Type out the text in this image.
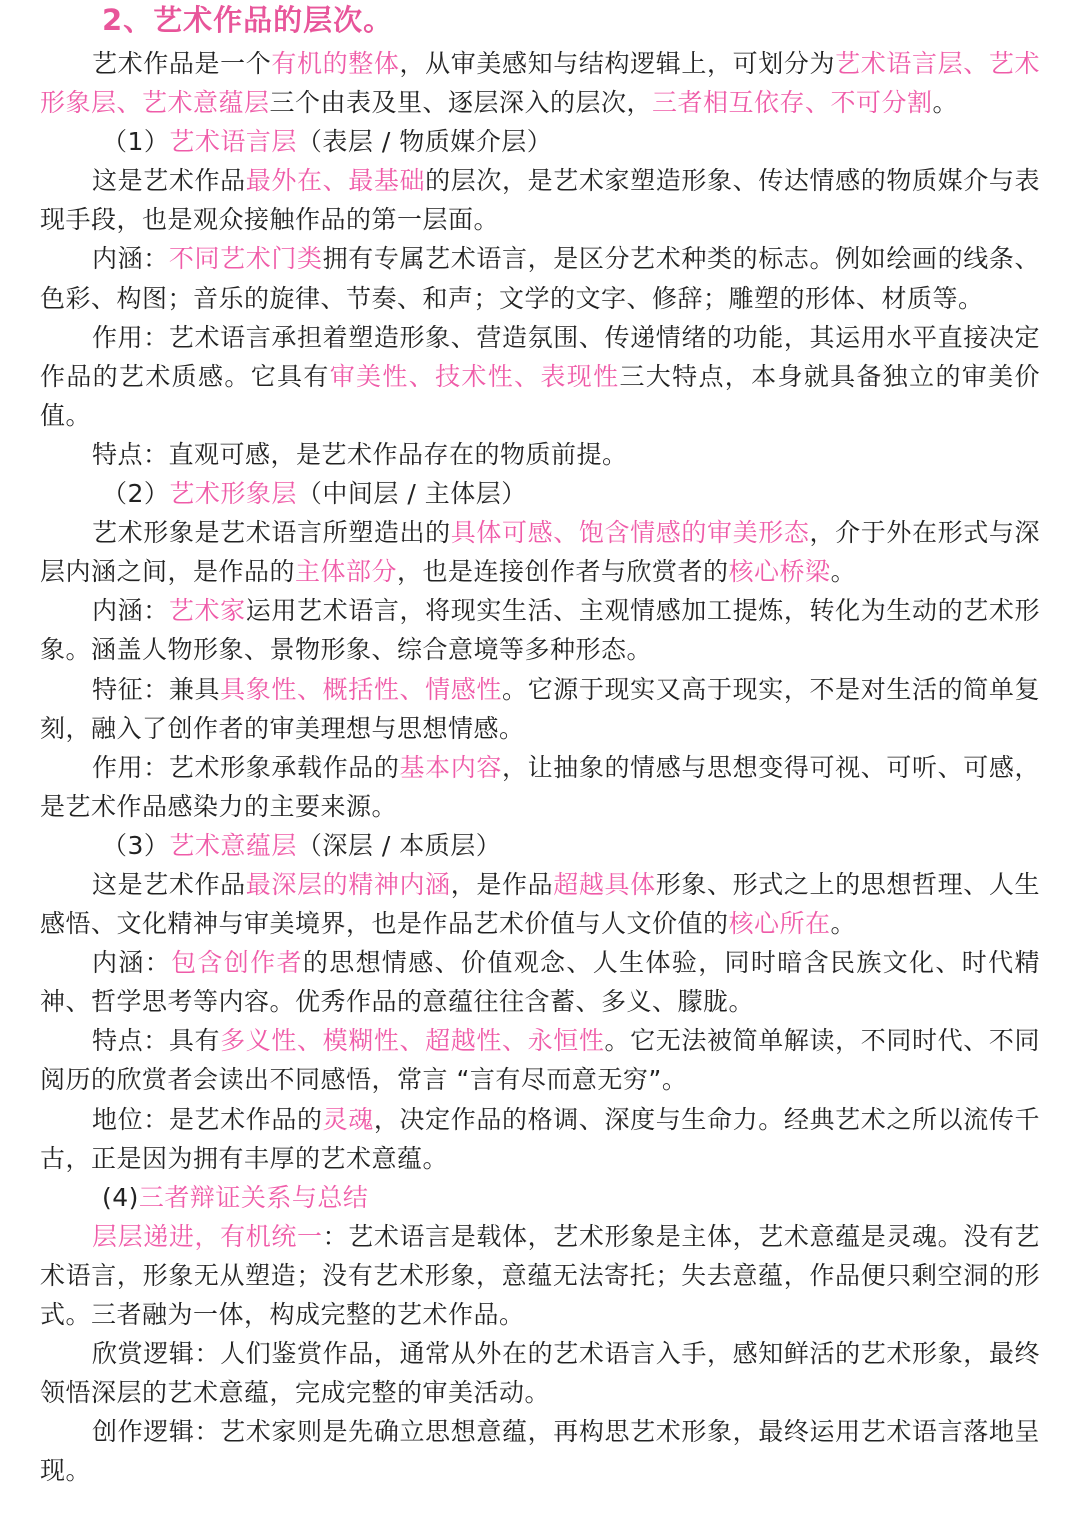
2、艺术作品的层次。

艺术作品是一个有机的整体，从审美感知与结构逻辑上，可划分为艺术语言层、艺术形象层、艺术意蕴层三个由表及里、逐层深入的层次，三者相互依存、不可分割。

（1）艺术语言层（表层 / 物质媒介层）

这是艺术作品最外在、最基础的层次，是艺术家塑造形象、传达情感的物质媒介与表现手段，也是观众接触作品的第一层面。

内涵：不同艺术门类拥有专属艺术语言，是区分艺术种类的标志。例如绘画的线条、色彩、构图；音乐的旋律、节奏、和声；文学的文字、修辞；雕塑的形体、材质等。

作用：艺术语言承担着塑造形象、营造氛围、传递情绪的功能，其运用水平直接决定作品的艺术质感。它具有审美性、技术性、表现性三大特点，本身就具备独立的审美价值。

特点：直观可感，是艺术作品存在的物质前提。

（2）艺术形象层（中间层 / 主体层）

艺术形象是艺术语言所塑造出的具体可感、饱含情感的审美形态，介于外在形式与深层内涵之间，是作品的主体部分，也是连接创作者与欣赏者的核心桥梁。

内涵：艺术家运用艺术语言，将现实生活、主观情感加工提炼，转化为生动的艺术形象。涵盖人物形象、景物形象、综合意境等多种形态。

特征：兼具具象性、概括性、情感性。它源于现实又高于现实，不是对生活的简单复刻，融入了创作者的审美理想与思想情感。

作用：艺术形象承载作品的基本内容，让抽象的情感与思想变得可视、可听、可感，是艺术作品感染力的主要来源。

（3）艺术意蕴层（深层 / 本质层）

这是艺术作品最深层的精神内涵，是作品超越具体形象、形式之上的思想哲理、人生感悟、文化精神与审美境界，也是作品艺术价值与人文价值的核心所在。

内涵：包含创作者的思想情感、价值观念、人生体验，同时暗含民族文化、时代精神、哲学思考等内容。优秀作品的意蕴往往含蓄、多义、朦胧。

特点：具有多义性、模糊性、超越性、永恒性。它无法被简单解读，不同时代、不同阅历的欣赏者会读出不同感悟，常言 “言有尽而意无穷”。

地位：是艺术作品的灵魂，决定作品的格调、深度与生命力。经典艺术之所以流传千古，正是因为拥有丰厚的艺术意蕴。

(4)三者辩证关系与总结

层层递进，有机统一：艺术语言是载体，艺术形象是主体，艺术意蕴是灵魂。没有艺术语言，形象无从塑造；没有艺术形象，意蕴无法寄托；失去意蕴，作品便只剩空洞的形式。三者融为一体，构成完整的艺术作品。

欣赏逻辑：人们鉴赏作品，通常从外在的艺术语言入手，感知鲜活的艺术形象，最终领悟深层的艺术意蕴，完成完整的审美活动。

创作逻辑：艺术家则是先确立思想意蕴，再构思艺术形象，最终运用艺术语言落地呈现。
